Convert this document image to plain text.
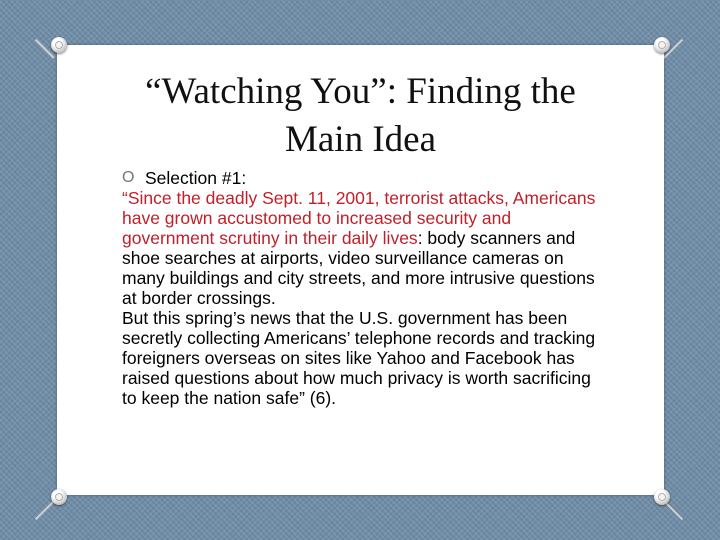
“Watching You”: Finding the
Main Idea
O Selection #1:

“Since the deadly Sept. 11, 2001, terrorist attacks, Americans have grown accustomed to increased security and government scrutiny in their daily lives: body scanners and shoe searches at airports, video surveillance cameras on many buildings and city streets, and more intrusive questions at border crossings.

But this spring’s news that the U.S. government has been secretly collecting Americans’ telephone records and tracking foreigners overseas on sites like Yahoo and Facebook has raised questions about how much privacy is worth sacrificing to keep the nation safe” (6).
